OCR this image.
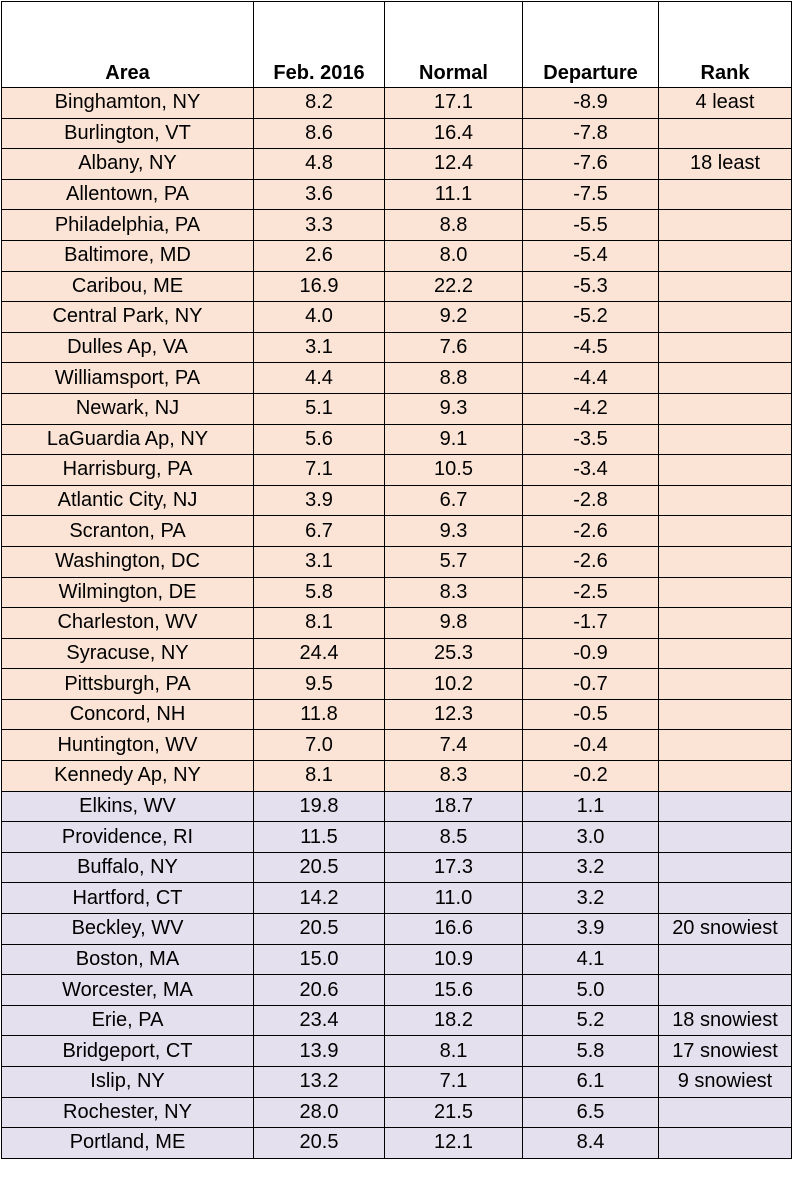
Area	Feb. 2016	Normal	Departure	Rank
Binghamton, NY	8.2	17.1	-8.9	4 least
Burlington, VT	8.6	16.4	-7.8	
Albany, NY	4.8	12.4	-7.6	18 least
Allentown, PA	3.6	11.1	-7.5	
Philadelphia, PA	3.3	8.8	-5.5	
Baltimore, MD	2.6	8.0	-5.4	
Caribou, ME	16.9	22.2	-5.3	
Central Park, NY	4.0	9.2	-5.2	
Dulles Ap, VA	3.1	7.6	-4.5	
Williamsport, PA	4.4	8.8	-4.4	
Newark, NJ	5.1	9.3	-4.2	
LaGuardia Ap, NY	5.6	9.1	-3.5	
Harrisburg, PA	7.1	10.5	-3.4	
Atlantic City, NJ	3.9	6.7	-2.8	
Scranton, PA	6.7	9.3	-2.6	
Washington, DC	3.1	5.7	-2.6	
Wilmington, DE	5.8	8.3	-2.5	
Charleston, WV	8.1	9.8	-1.7	
Syracuse, NY	24.4	25.3	-0.9	
Pittsburgh, PA	9.5	10.2	-0.7	
Concord, NH	11.8	12.3	-0.5	
Huntington, WV	7.0	7.4	-0.4	
Kennedy Ap, NY	8.1	8.3	-0.2	
Elkins, WV	19.8	18.7	1.1	
Providence, RI	11.5	8.5	3.0	
Buffalo, NY	20.5	17.3	3.2	
Hartford, CT	14.2	11.0	3.2	
Beckley, WV	20.5	16.6	3.9	20 snowiest
Boston, MA	15.0	10.9	4.1	
Worcester, MA	20.6	15.6	5.0	
Erie, PA	23.4	18.2	5.2	18 snowiest
Bridgeport, CT	13.9	8.1	5.8	17 snowiest
Islip, NY	13.2	7.1	6.1	9 snowiest
Rochester, NY	28.0	21.5	6.5	
Portland, ME	20.5	12.1	8.4	
